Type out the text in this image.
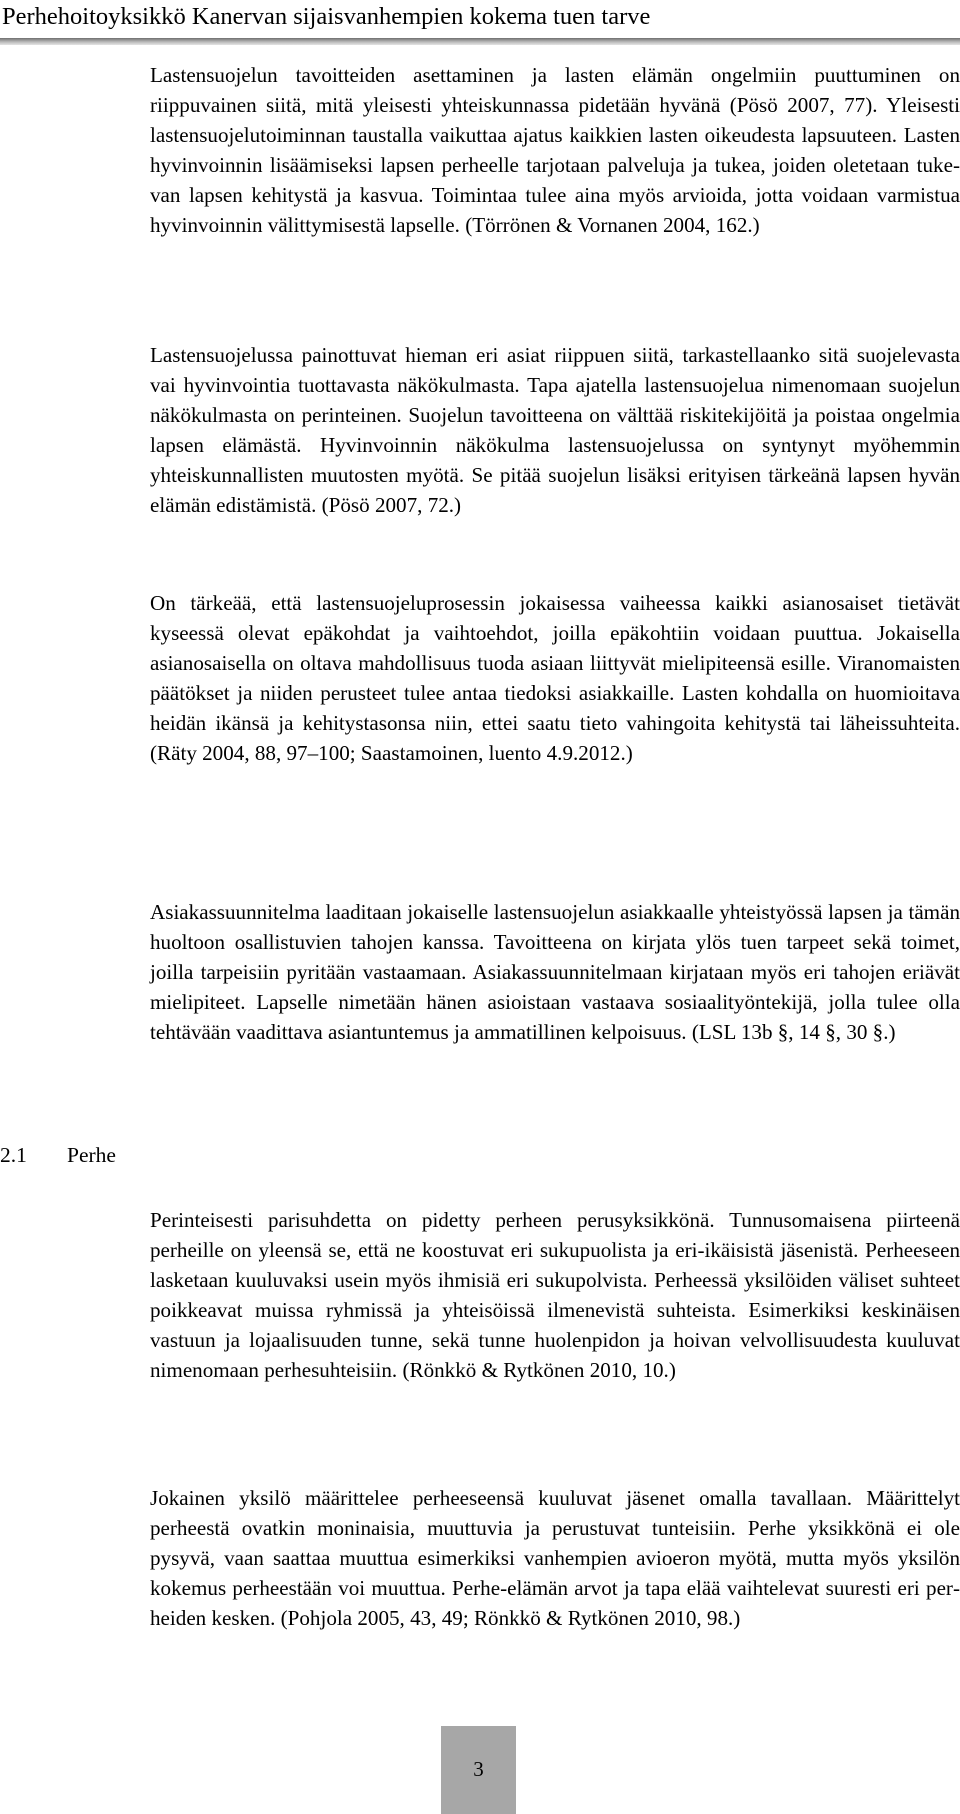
Perhehoitoyksikkö Kanervan sijaisvanhempien kokema tuen tarve

Lastensuojelun tavoitteiden asettaminen ja lasten elämän ongelmiin puuttuminen on riippuvainen siitä, mitä yleisesti yhteiskunnassa pidetään hyvänä (Pösö 2007, 77). Yleisesti lastensuojelutoiminnan taustalla vaikuttaa ajatus kaikkien lasten oikeudesta lapsuuteen. Lasten hyvinvoinnin lisäämiseksi lapsen perheelle tarjotaan palveluja ja tukea, joiden oletetaan tukevan lapsen kehitystä ja kasvua. Toimintaa tulee aina myös arvioida, jotta voidaan varmistua hyvinvoinnin välittymisestä lapselle. (Törrönen & Vornanen 2004, 162.)

Lastensuojelussa painottuvat hieman eri asiat riippuen siitä, tarkastellaanko sitä suojelevasta vai hyvinvointia tuottavasta näkökulmasta. Tapa ajatella lastensuojelua nimenomaan suojelun näkökulmasta on perinteinen. Suojelun tavoitteena on välttää riskitekijöitä ja poistaa ongelmia lapsen elämästä. Hyvinvoinnin näkökulma lastensuojelussa on syntynyt myöhemmin yhteiskunnallisten muutosten myötä. Se pitää suojelun lisäksi erityisen tärkeänä lapsen hyvän elämän edistämistä. (Pösö 2007, 72.)

On tärkeää, että lastensuojeluprosessin jokaisessa vaiheessa kaikki asianosaiset tietävät kyseessä olevat epäkohdat ja vaihtoehdot, joilla epäkohtiin voidaan puuttua. Jokaisella asianosaisella on oltava mahdollisuus tuoda asiaan liittyvät mielipiteensä esille. Viranomaisten päätökset ja niiden perusteet tulee antaa tiedoksi asiakkaille. Lasten kohdalla on huomioitava heidän ikänsä ja kehitystasonsa niin, ettei saatu tieto vahingoita kehitystä tai läheissuhteita. (Räty 2004, 88, 97–100; Saastamoinen, luento 4.9.2012.)

Asiakassuunnitelma laaditaan jokaiselle lastensuojelun asiakkaalle yhteistyössä lapsen ja tämän huoltoon osallistuvien tahojen kanssa. Tavoitteena on kirjata ylös tuen tarpeet sekä toimet, joilla tarpeisiin pyritään vastaamaan. Asiakassuunnitelmaan kirjataan myös eri tahojen eriävät mielipiteet. Lapselle nimetään hänen asioistaan vastaava sosiaalityöntekijä, jolla tulee olla tehtävään vaadittava asiantuntemus ja ammatillinen kelpoisuus. (LSL 13b §, 14 §, 30 §.)

Perinteisesti parisuhdetta on pidetty perheen perusyksikkönä. Tunnusomaisena piirteenä perheille on yleensä se, että ne koostuvat eri sukupuolista ja eri-ikäisistä jäsenistä. Perheeseen lasketaan kuuluvaksi usein myös ihmisiä eri sukupolvista. Perheessä yksilöiden väliset suhteet poikkeavat muissa ryhmissä ja yhteisöissä ilmenevistä suhteista. Esimerkiksi keskinäisen vastuun ja lojaalisuuden tunne, sekä tunne huolenpidon ja hoivan velvollisuudesta kuuluvat nimenomaan perhesuhteisiin. (Rönkkö & Rytkönen 2010, 10.)

Jokainen yksilö määrittelee perheeseensä kuuluvat jäsenet omalla tavallaan. Määrittelyt perheestä ovatkin moninaisia, muuttuvia ja perustuvat tunteisiin. Perhe yksikkönä ei ole pysyvä, vaan saattaa muuttua esimerkiksi vanhempien avioeron myötä, mutta myös yksilön kokemus perheestään voi muuttua. Perhe-elämän arvot ja tapa elää vaihtelevat suuresti eri perheiden kesken. (Pohjola 2005, 43, 49; Rönkkö & Rytkönen 2010, 98.)

2.1 Perhe
3
